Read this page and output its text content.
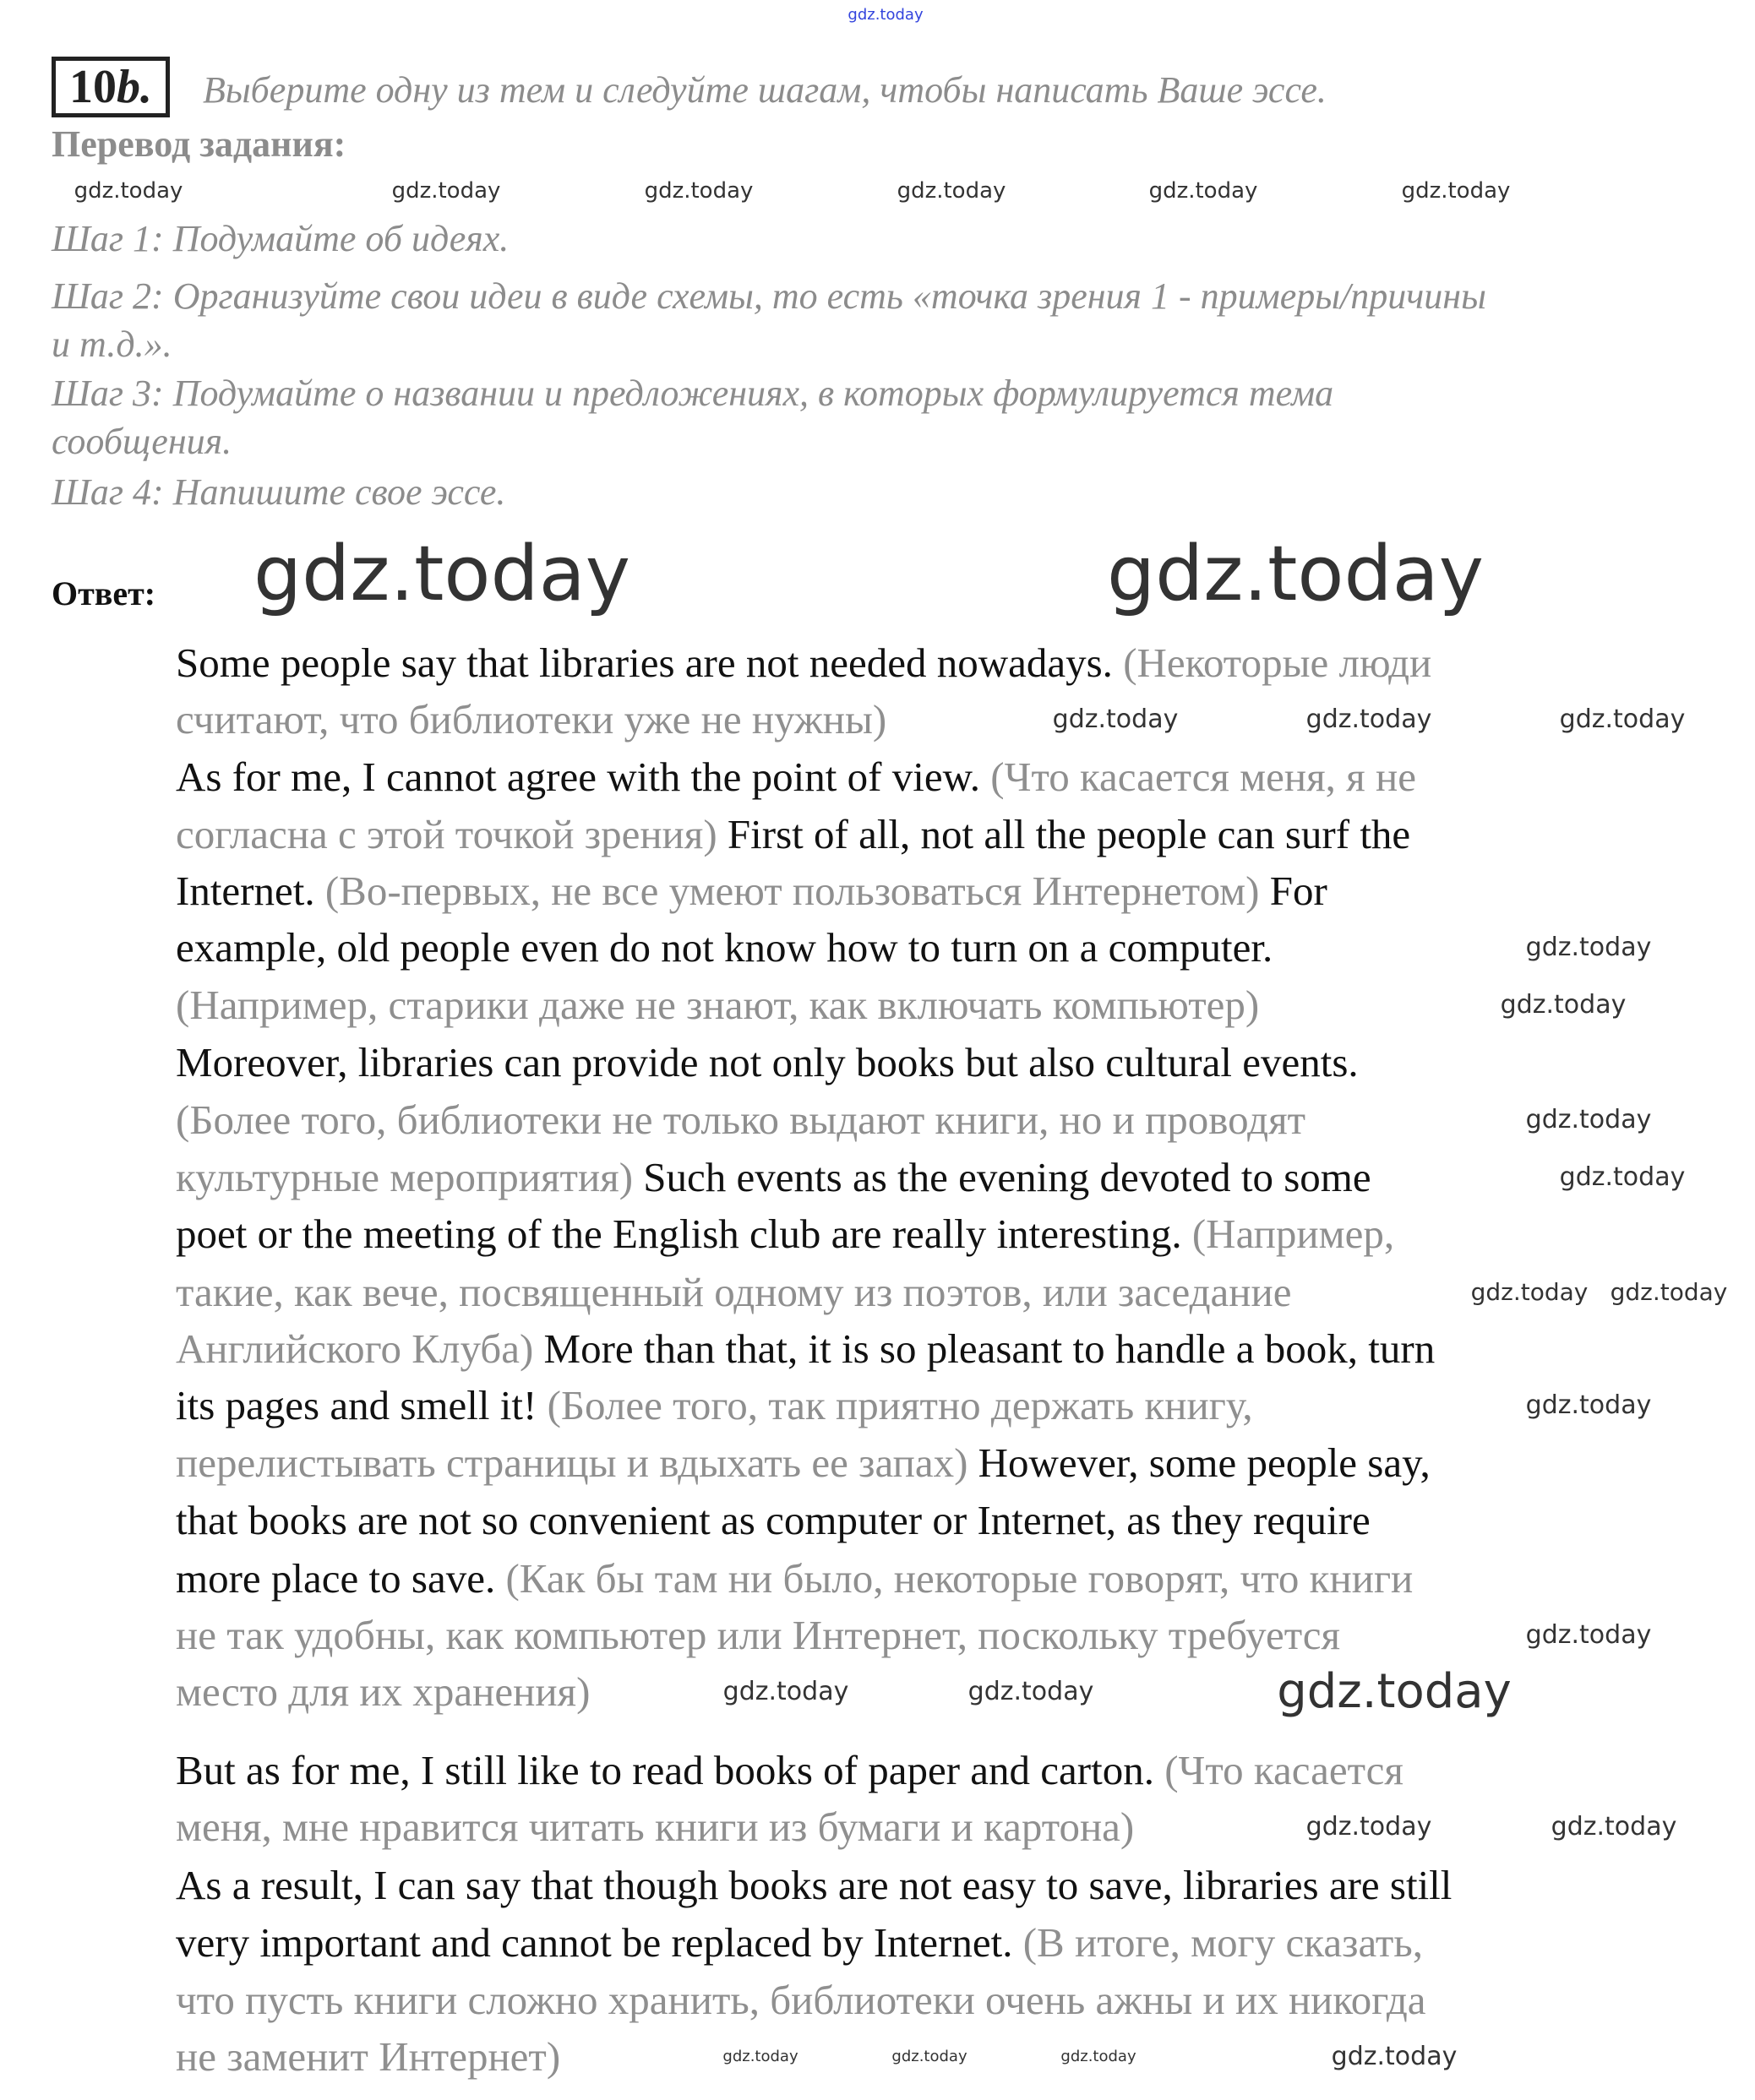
10b.	Выберите одну из тем и следуйте шагам, чтобы написать Ваше эссе.
Перевод задания:
Шаг 1: Подумайте об идеях.
Шаг 2: Организуйте свои идеи в виде схемы, то есть «точка зрения 1 - примеры/причины
и т.д.».
Шаг 3: Подумайте о названии и предложениях, в которых формулируется тема
сообщения.
Шаг 4: Напишите свое эссе.
Ответ:
Some people say that libraries are not needed nowadays. (Некоторые люди
считают, что библиотеки уже не нужны)
As for me, I cannot agree with the point of view. (Что касается меня, я не
согласна с этой точкой зрения) First of all, not all the people can surf the
Internet. (Во-первых, не все умеют пользоваться Интернетом) For
example, old people even do not know how to turn on a computer.
(Например, старики даже не знают, как включать компьютер)
Moreover, libraries can provide not only books but also cultural events.
(Более того, библиотеки не только выдают книги, но и проводят
культурные мероприятия) Such events as the evening devoted to some
poet or the meeting of the English club are really interesting. (Например,
такие, как вече, посвященный одному из поэтов, или заседание
Английского Клуба) More than that, it is so pleasant to handle a book, turn
its pages and smell it! (Более того, так приятно держать книгу,
перелистывать страницы и вдыхать ее запах) However, some people say,
that books are not so convenient as computer or Internet, as they require
more place to save. (Как бы там ни было, некоторые говорят, что книги
не так удобны, как компьютер или Интернет, поскольку требуется
место для их хранения)
But as for me, I still like to read books of paper and carton. (Что касается
меня, мне нравится читать книги из бумаги и картона)
As a result, I can say that though books are not easy to save, libraries are still
very important and cannot be replaced by Internet. (В итоге, могу сказать,
что пусть книги сложно хранить, библиотеки очень ажны и их никогда
не заменит Интернет)
gdz.today
gdz.today	gdz.today	gdz.today	gdz.today	gdz.today	gdz.today
gdz.today	gdz.today
gdz.today	gdz.today	gdz.today
gdz.today
gdz.today
gdz.today
gdz.today
gdz.today gdz.today
gdz.today
gdz.today
gdz.today	gdz.today	gdz.today
gdz.today	gdz.today
gdz.today	gdz.today	gdz.today	gdz.today
